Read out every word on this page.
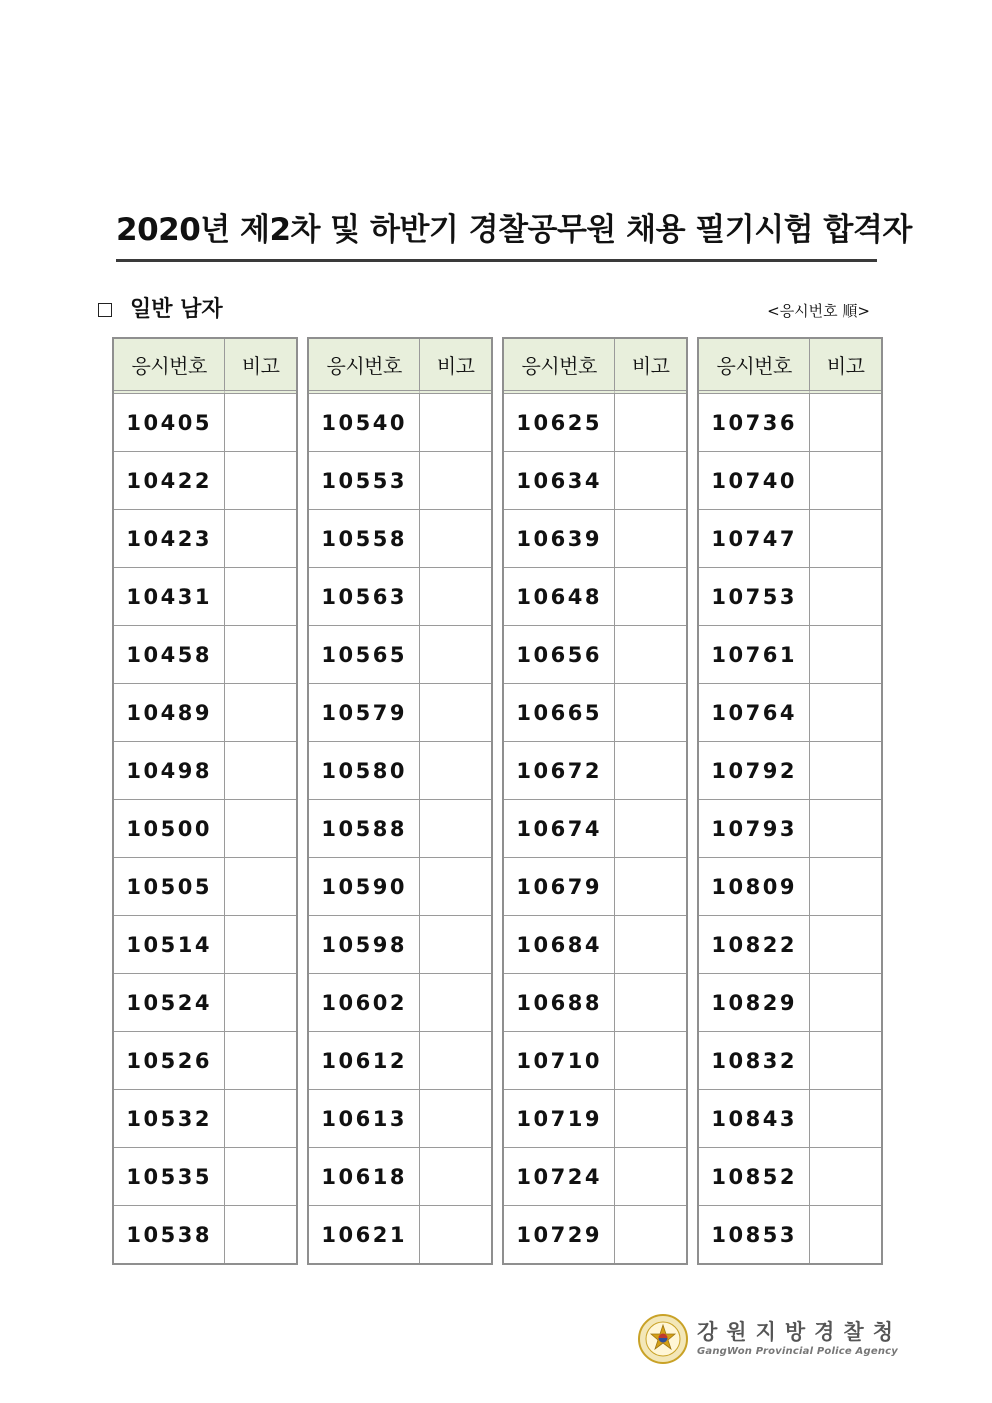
2020년 제2차 및 하반기 경찰공무원 채용 필기시험 합격자
일반 남자	<응시번호 順>
응시번호	비고
10405	
10422	
10423	
10431	
10458	
10489	
10498	
10500	
10505	
10514	
10524	
10526	
10532	
10535	
10538	
응시번호	비고
10540	
10553	
10558	
10563	
10565	
10579	
10580	
10588	
10590	
10598	
10602	
10612	
10613	
10618	
10621	
응시번호	비고
10625	
10634	
10639	
10648	
10656	
10665	
10672	
10674	
10679	
10684	
10688	
10710	
10719	
10724	
10729	
응시번호	비고
10736	
10740	
10747	
10753	
10761	
10764	
10792	
10793	
10809	
10822	
10829	
10832	
10843	
10852	
10853	
강원지방경찰청
GangWon Provincial Police Agency
